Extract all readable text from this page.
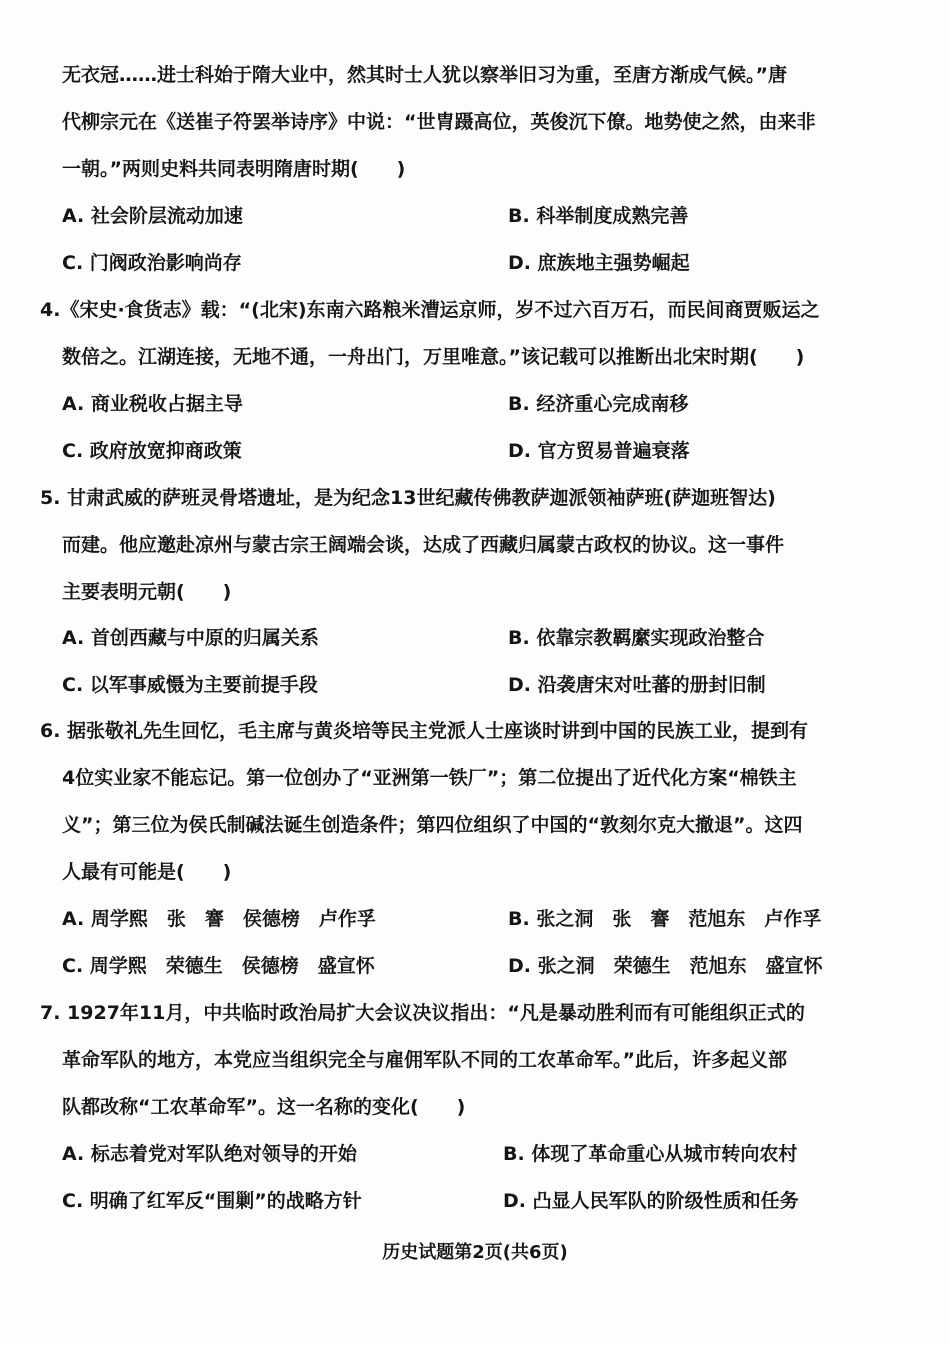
无衣冠……进士科始于隋大业中，然其时士人犹以察举旧习为重，至唐方渐成气候。”唐
代柳宗元在《送崔子符罢举诗序》中说：“世胄蹑高位，英俊沉下僚。地势使之然，由来非
一朝。”两则史料共同表明隋唐时期(　　)
A. 社会阶层流动加速	B. 科举制度成熟完善
C. 门阀政治影响尚存	D. 庶族地主强势崛起
4.《宋史·食货志》载：“(北宋)东南六路粮米漕运京师，岁不过六百万石，而民间商贾贩运之
数倍之。江湖连接，无地不通，一舟出门，万里唯意。”该记载可以推断出北宋时期(　　)
A. 商业税收占据主导	B. 经济重心完成南移
C. 政府放宽抑商政策	D. 官方贸易普遍衰落
5. 甘肃武威的萨班灵骨塔遗址，是为纪念13世纪藏传佛教萨迦派领袖萨班(萨迦班智达)
而建。他应邀赴凉州与蒙古宗王阔端会谈，达成了西藏归属蒙古政权的协议。这一事件
主要表明元朝(　　)
A. 首创西藏与中原的归属关系	B. 依靠宗教羁縻实现政治整合
C. 以军事威慑为主要前提手段	D. 沿袭唐宋对吐蕃的册封旧制
6. 据张敬礼先生回忆，毛主席与黄炎培等民主党派人士座谈时讲到中国的民族工业，提到有
4位实业家不能忘记。第一位创办了“亚洲第一铁厂”；第二位提出了近代化方案“棉铁主
义”；第三位为侯氏制碱法诞生创造条件；第四位组织了中国的“敦刻尔克大撤退”。这四
人最有可能是(　　)
A. 周学熙　张　謇　侯德榜　卢作孚	B. 张之洞　张　謇　范旭东　卢作孚
C. 周学熙　荣德生　侯德榜　盛宣怀	D. 张之洞　荣德生　范旭东　盛宣怀
7. 1927年11月，中共临时政治局扩大会议决议指出：“凡是暴动胜利而有可能组织正式的
革命军队的地方，本党应当组织完全与雇佣军队不同的工农革命军。”此后，许多起义部
队都改称“工农革命军”。这一名称的变化(　　)
A. 标志着党对军队绝对领导的开始	B. 体现了革命重心从城市转向农村
C. 明确了红军反“围剿”的战略方针	D. 凸显人民军队的阶级性质和任务
历史试题第2页(共6页)
